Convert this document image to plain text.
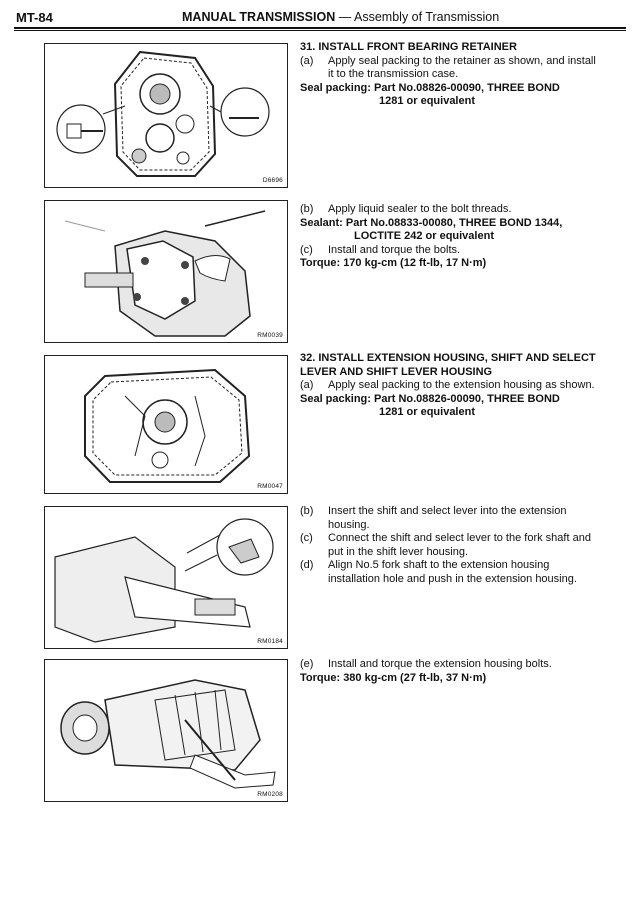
MT-84	MANUAL TRANSMISSION — Assembly of Transmission
D6696
RM0039
RM0047
RM0184
RM0208
31. INSTALL FRONT BEARING RETAINER
(a) Apply seal packing to the retainer as shown, and install it to the transmission case.
Seal packing: Part No.08826-00090, THREE BOND
1281 or equivalent
(b) Apply liquid sealer to the bolt threads.
Sealant: Part No.08833-00080, THREE BOND 1344,
LOCTITE 242 or equivalent
(c) Install and torque the bolts.
Torque: 170 kg-cm (12 ft-lb, 17 N·m)
32. INSTALL EXTENSION HOUSING, SHIFT AND SELECT LEVER AND SHIFT LEVER HOUSING
(a) Apply seal packing to the extension housing as shown.
Seal packing: Part No.08826-00090, THREE BOND
1281 or equivalent
(b) Insert the shift and select lever into the extension housing.
(c) Connect the shift and select lever to the fork shaft and put in the shift lever housing.
(d) Align No.5 fork shaft to the extension housing installation hole and push in the extension housing.
(e) Install and torque the extension housing bolts.
Torque: 380 kg-cm (27 ft-lb, 37 N·m)
